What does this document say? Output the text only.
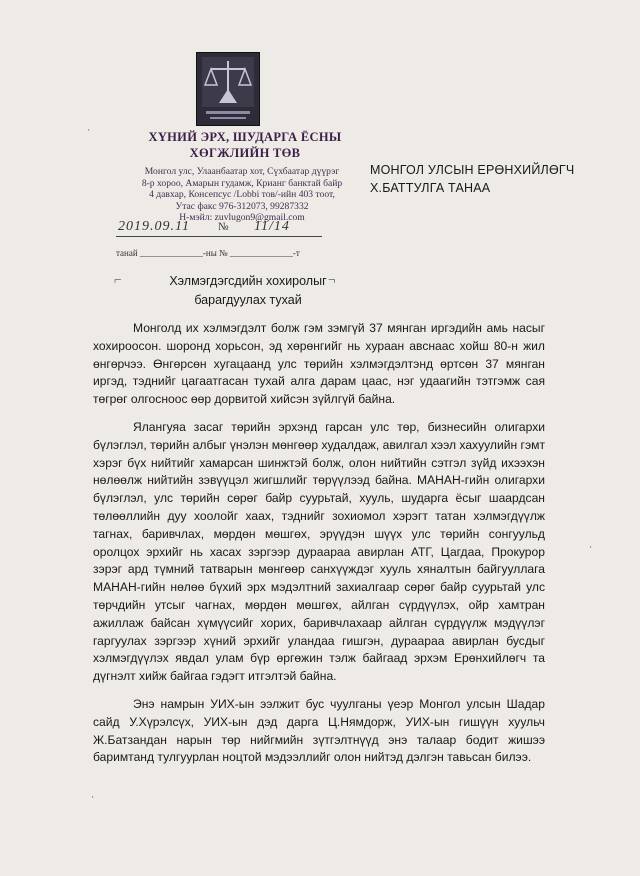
ХҮНИЙ ЭРХ, ШУДАРГА ЁСНЫ
ХӨГЖЛИЙН ТӨВ
Монгол улс, Улаанбаатар хот, Сүхбаатар дүүрэг
8-р хороо, Амарын гудамж, Крианг банктай байр
4 давхар, Консепсус /Lobbi тов/-ийн 403 тоот,
Утас факс 976-312073, 99287332
Н-мэйл: zuvlugon9@gmail.com
2019.09.11	№ 11/14
танай ______________-ны № ______________-т
МОНГОЛ УЛСЫН ЕРӨНХИЙЛӨГЧ
Х.БАТТУЛГА ТАНАА
⌐	¬
Хэлмэгдэгсдийн хохиролыг
барагдуулах тухай

Монголд их хэлмэгдэлт болж гэм зэмгүй 37 мянган иргэдийн амь насыг хохироосон. шоронд хорьсон, эд хөрөнгийг нь хураан авснаас хойш 80-н жил өнгөрчээ. Өнгөрсөн хугацаанд улс төрийн хэлмэгдэлтэнд өртсөн 37 мянган иргэд, тэднийг цагаатгасан тухай алга дарам цаас, нэг удаагийн тэтгэмж сая төгрөг олгосноос өөр дорвитой хийсэн зүйлгүй байна.

Ялангуяа засаг төрийн эрхэнд гарсан улс төр, бизнесийн олигархи бүлэглэл, төрийн албыг үнэлэн мөнгөөр худалдаж, авилгал хээл хахуулийн гэмт хэрэг бүх нийтийг хамарсан шинжтэй болж, олон нийтийн сэтгэл зүйд ихээхэн нөлөөлж нийтийн зэвүүцэл жигшлийг төрүүлээд байна. МАНАН-гийн олигархи бүлэглэл, улс төрийн сөрөг байр суурьтай, хууль, шударга ёсыг шаардсан төлөөллийн дуу хоолойг хаах, тэднийг зохиомол хэрэгт татан хэлмэгдүүлж тагнах, баривчлах, мөрдөн мөшгөх, эрүүдэн шүүх улс төрийн сонгуульд оролцох эрхийг нь хасах зэргээр дураараа авирлан АТГ, Цагдаа, Прокурор зэрэг ард түмний татварын мөнгөөр санхүүждэг хууль хяналтын байгууллага МАНАН-гийн нөлөө бүхий эрх мэдэлтний захиалгаар сөрөг байр суурьтай улс төрчдийн утсыг чагнах, мөрдөн мөшгөх, айлган сүрдүүлэх, ойр хамтран ажиллаж байсан хүмүүсийг хорих, баривчлахаар айлган сүрдүүлж мэдүүлэг гаргуулах зэргээр хүний эрхийг уландаа гишгэн, дураараа авирлан бусдыг хэлмэгдүүлэх явдал улам бүр өргөжин тэлж байгаад эрхэм Ерөнхийлөгч та дүгнэлт хийж байгаа гэдэгт итгэлтэй байна.

Энэ намрын УИХ-ын ээлжит бус чуулганы үеэр Монгол улсын Шадар сайд У.Хүрэлсүх, УИХ-ын дэд дарга Ц.Нямдорж, УИХ-ын гишүүн хуульч Ж.Батзандан нарын төр нийгмийн зүтгэлтнүүд энэ талаар бодит жишээ баримтанд тулгуурлан ноцтой мэдээллийг олон нийтэд дэлгэн тавьсан билээ.

'
'
'
